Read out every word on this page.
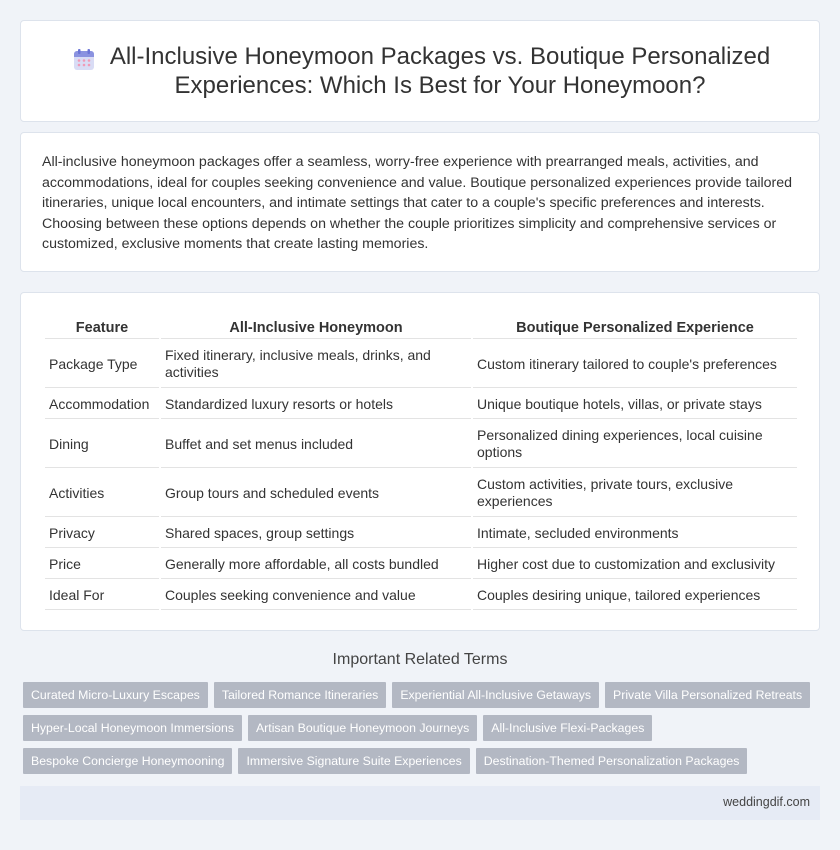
All-Inclusive Honeymoon Packages vs. Boutique Personalized Experiences: Which Is Best for Your Honeymoon?

All-inclusive honeymoon packages offer a seamless, worry-free experience with prearranged meals, activities, and accommodations, ideal for couples seeking convenience and value. Boutique personalized experiences provide tailored itineraries, unique local encounters, and intimate settings that cater to a couple's specific preferences and interests. Choosing between these options depends on whether the couple prioritizes simplicity and comprehensive services or customized, exclusive moments that create lasting memories.

Feature	All-Inclusive Honeymoon	Boutique Personalized Experience
Package Type	Fixed itinerary, inclusive meals, drinks, and activities	Custom itinerary tailored to couple's preferences
Accommodation	Standardized luxury resorts or hotels	Unique boutique hotels, villas, or private stays
Dining	Buffet and set menus included	Personalized dining experiences, local cuisine options
Activities	Group tours and scheduled events	Custom activities, private tours, exclusive experiences
Privacy	Shared spaces, group settings	Intimate, secluded environments
Price	Generally more affordable, all costs bundled	Higher cost due to customization and exclusivity
Ideal For	Couples seeking convenience and value	Couples desiring unique, tailored experiences
Important Related Terms
Curated Micro-Luxury Escapes	Tailored Romance Itineraries	Experiential All-Inclusive Getaways	Private Villa Personalized Retreats
Hyper-Local Honeymoon Immersions	Artisan Boutique Honeymoon Journeys	All-Inclusive Flexi-Packages
Bespoke Concierge Honeymooning	Immersive Signature Suite Experiences	Destination-Themed Personalization Packages
weddingdif.com
